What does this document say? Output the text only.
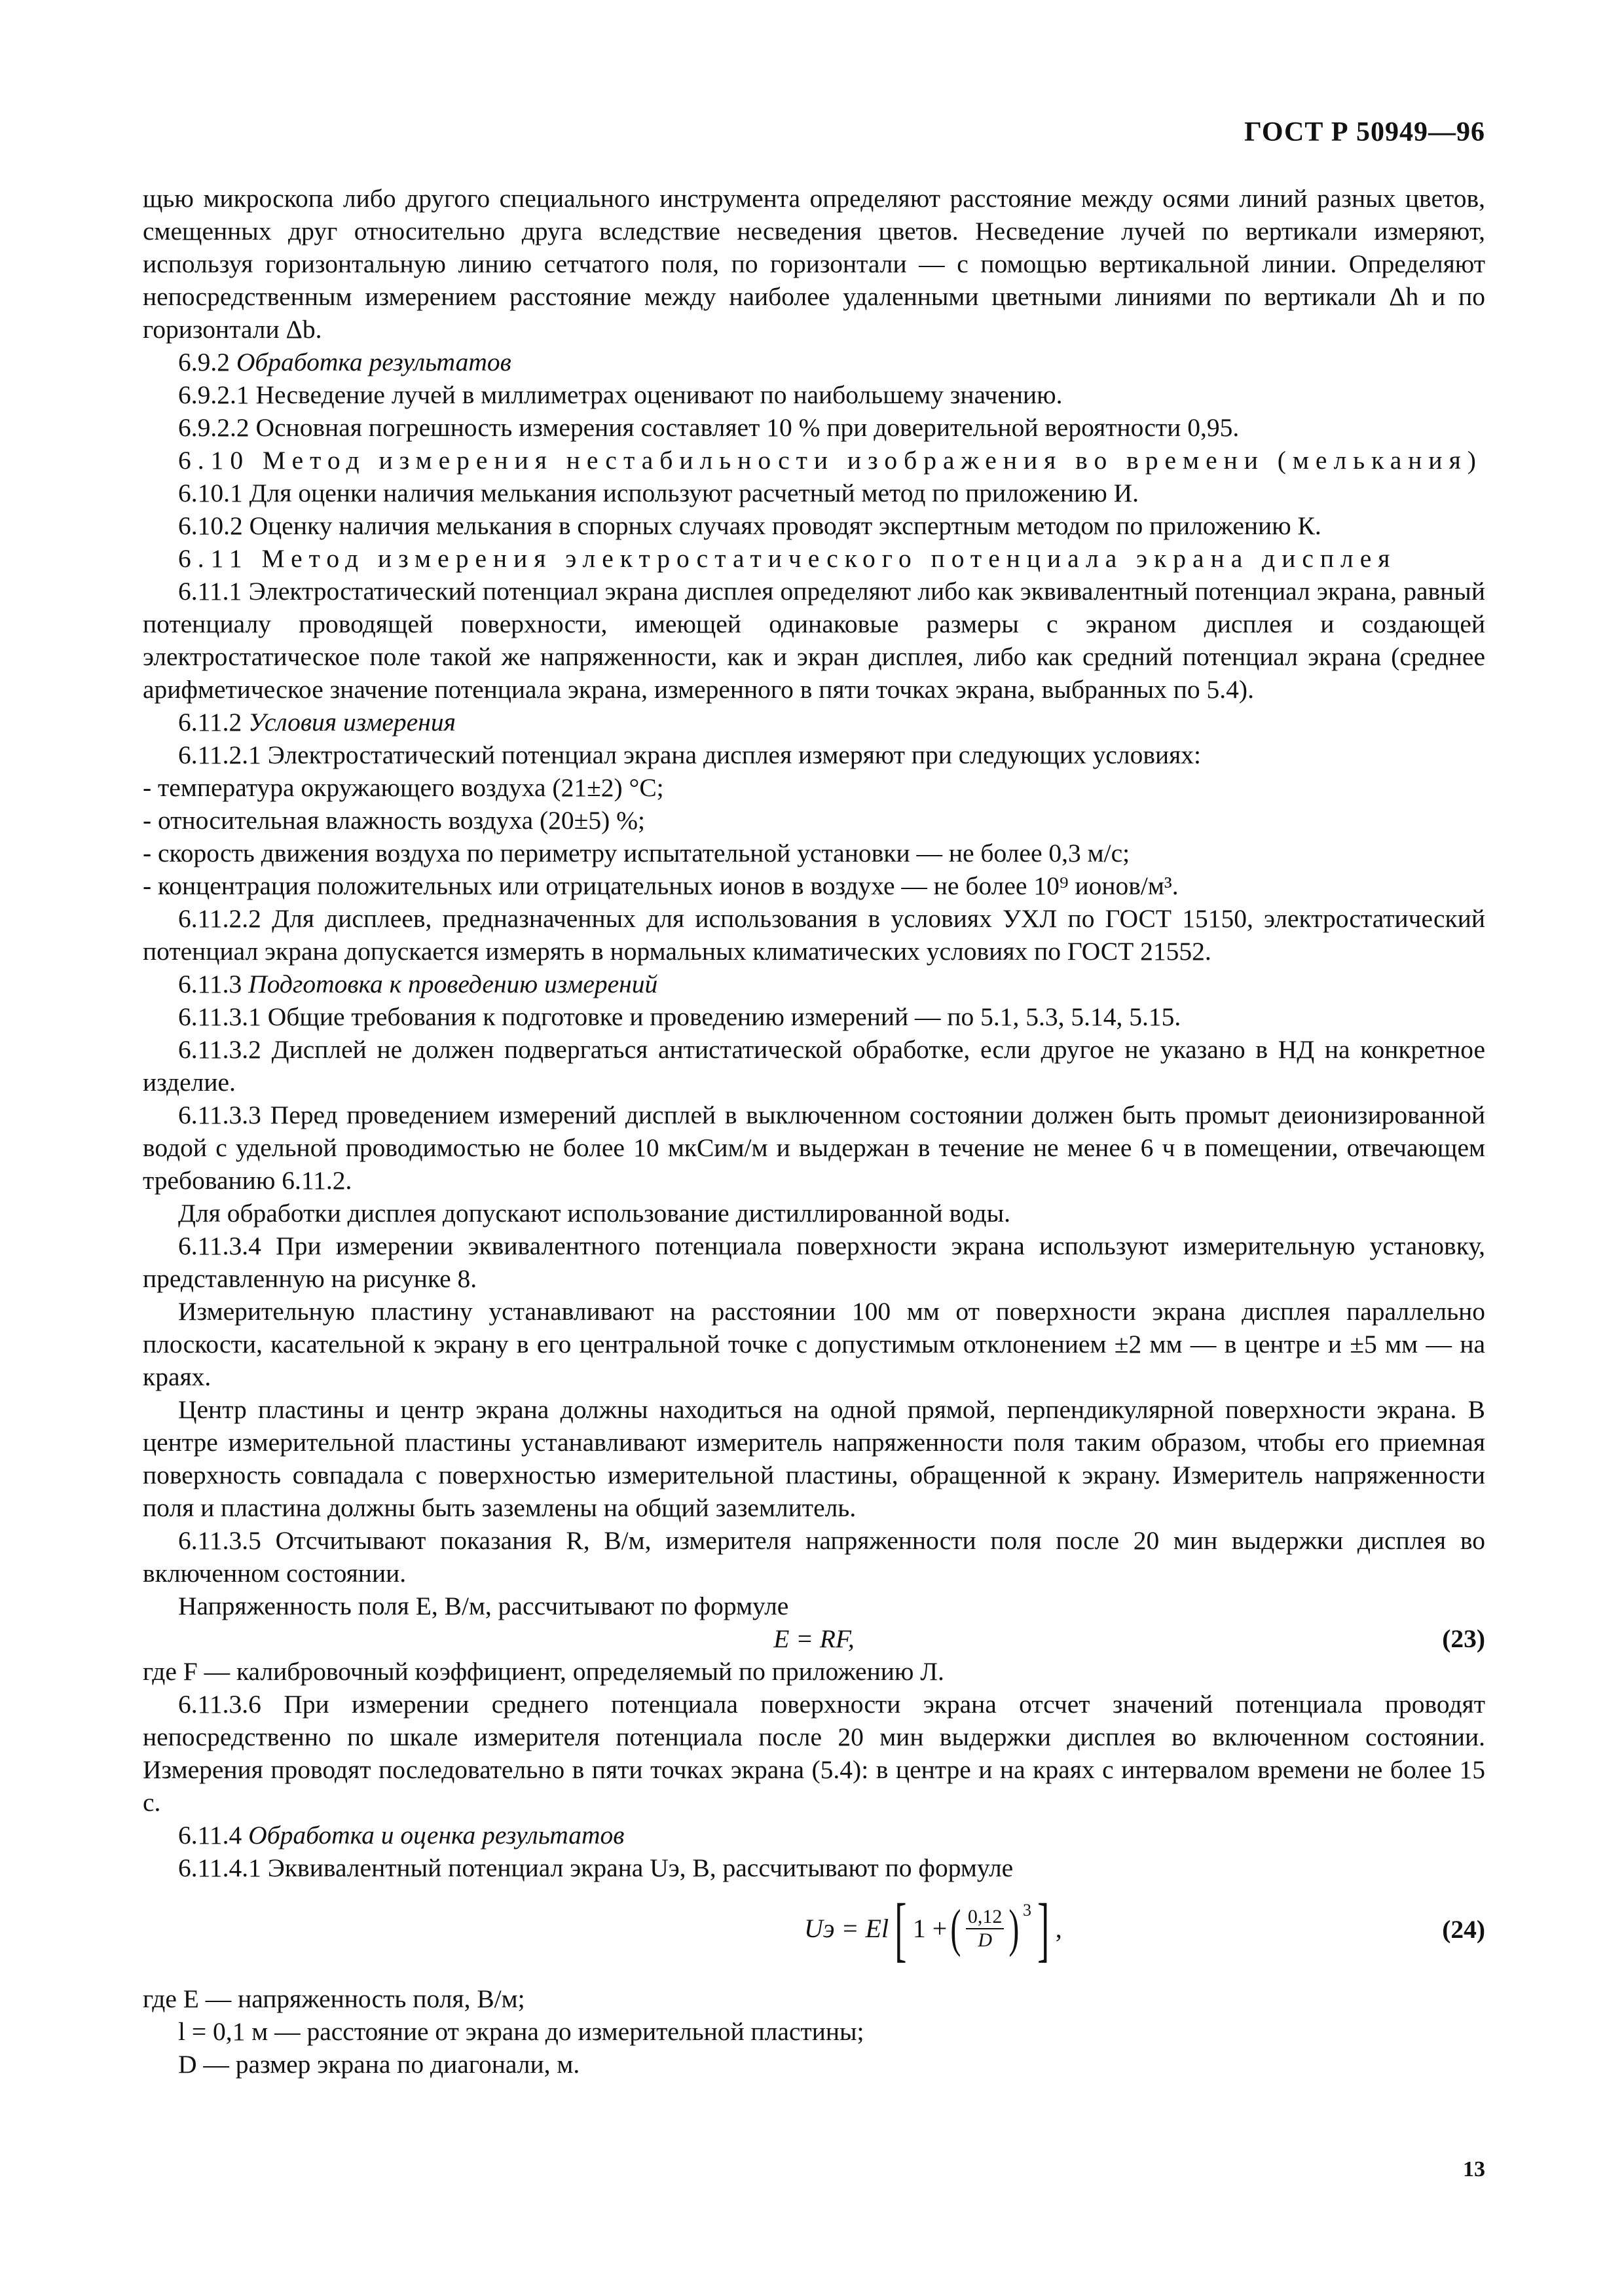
ГОСТ Р 50949—96

щью микроскопа либо другого специального инструмента определяют расстояние между осями линий разных цветов, смещенных друг относительно друга вследствие несведения цветов. Несведение лучей по вертикали измеряют, используя горизонтальную линию сетчатого поля, по горизонтали — с помощью вертикальной линии. Определяют непосредственным измерением расстояние между наиболее удаленными цветными линиями по вертикали Δh и по горизонтали Δb.

6.9.2 Обработка результатов

6.9.2.1 Несведение лучей в миллиметрах оценивают по наибольшему значению.

6.9.2.2 Основная погрешность измерения составляет 10 % при доверительной вероятности 0,95.

6.10 Метод измерения нестабильности изображения во времени (мелькания)

6.10.1 Для оценки наличия мелькания используют расчетный метод по приложению И.

6.10.2 Оценку наличия мелькания в спорных случаях проводят экспертным методом по приложению К.

6.11 Метод измерения электростатического потенциала экрана дисплея

6.11.1 Электростатический потенциал экрана дисплея определяют либо как эквивалентный потенциал экрана, равный потенциалу проводящей поверхности, имеющей одинаковые размеры с экраном дисплея и создающей электростатическое поле такой же напряженности, как и экран дисплея, либо как средний потенциал экрана (среднее арифметическое значение потенциала экрана, измеренного в пяти точках экрана, выбранных по 5.4).

6.11.2 Условия измерения

6.11.2.1 Электростатический потенциал экрана дисплея измеряют при следующих условиях:

- температура окружающего воздуха (21±2) °С;

- относительная влажность воздуха (20±5) %;

- скорость движения воздуха по периметру испытательной установки — не более 0,3 м/с;

- концентрация положительных или отрицательных ионов в воздухе — не более 10⁹ ионов/м³.

6.11.2.2 Для дисплеев, предназначенных для использования в условиях УХЛ по ГОСТ 15150, электростатический потенциал экрана допускается измерять в нормальных климатических условиях по ГОСТ 21552.

6.11.3 Подготовка к проведению измерений

6.11.3.1 Общие требования к подготовке и проведению измерений — по 5.1, 5.3, 5.14, 5.15.

6.11.3.2 Дисплей не должен подвергаться антистатической обработке, если другое не указано в НД на конкретное изделие.

6.11.3.3 Перед проведением измерений дисплей в выключенном состоянии должен быть промыт деионизированной водой с удельной проводимостью не более 10 мкСим/м и выдержан в течение не менее 6 ч в помещении, отвечающем требованию 6.11.2.

Для обработки дисплея допускают использование дистиллированной воды.

6.11.3.4 При измерении эквивалентного потенциала поверхности экрана используют измерительную установку, представленную на рисунке 8.

Измерительную пластину устанавливают на расстоянии 100 мм от поверхности экрана дисплея параллельно плоскости, касательной к экрану в его центральной точке с допустимым отклонением ±2 мм — в центре и ±5 мм — на краях.

Центр пластины и центр экрана должны находиться на одной прямой, перпендикулярной поверхности экрана. В центре измерительной пластины устанавливают измеритель напряженности поля таким образом, чтобы его приемная поверхность совпадала с поверхностью измерительной пластины, обращенной к экрану. Измеритель напряженности поля и пластина должны быть заземлены на общий заземлитель.

6.11.3.5 Отсчитывают показания R, В/м, измерителя напряженности поля после 20 мин выдержки дисплея во включенном состоянии.

Напряженность поля E, В/м, рассчитывают по формуле

E = RF,	(23)

где F — калибровочный коэффициент, определяемый по приложению Л.

6.11.3.6 При измерении среднего потенциала поверхности экрана отсчет значений потенциала проводят непосредственно по шкале измерителя потенциала после 20 мин выдержки дисплея во включенном состоянии. Измерения проводят последовательно в пяти точках экрана (5.4): в центре и на краях с интервалом времени не более 15 с.

6.11.4 Обработка и оценка результатов

6.11.4.1 Эквивалентный потенциал экрана Uэ, В, рассчитывают по формуле

Uэ = El [ 1 + ( $\frac{0,12}{D} )^3$ ] ,	(24)

где E — напряженность поля, В/м;

l = 0,1 м — расстояние от экрана до измерительной пластины;

D — размер экрана по диагонали, м.

13
